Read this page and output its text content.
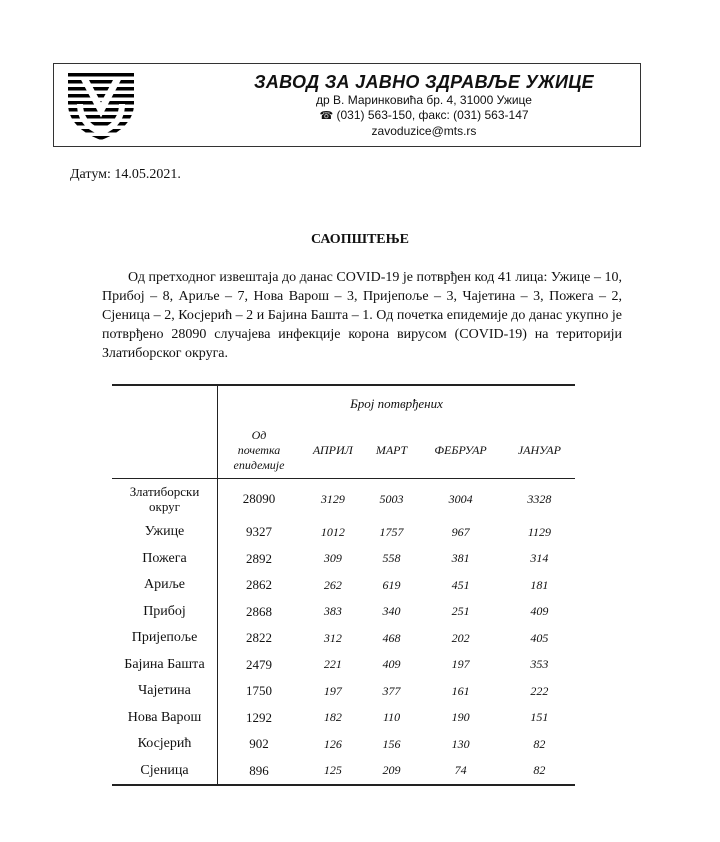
ЗАВОД ЗА ЈАВНО ЗДРАВЉЕ УЖИЦЕ
др В. Маринковића бр. 4, 31000 Ужице
☎ (031) 563-150, факс: (031) 563-147
zavoduzice@mts.rs
Датум: 14.05.2021.
САОПШТЕЊЕ
Од претходног извештаја до данас COVID-19 је потврђен код 41 лица: Ужице – 10, Прибој – 8, Ариље – 7, Нова Варош – 3, Пријепоље – 3, Чајетина – 3, Пожега – 2, Сјеница – 2, Косјерић – 2 и Бајина Башта – 1. Од почетка епидемије до данас укупно је потврђено 28090 случајева инфекције корона вирусом (COVID-19) на територији Златиборског округа.
	Број потврђених				

	Од
почетка
епидемије	АПРИЛ	МАРТ	ФЕБРУАР	ЈАНУАР

Златиборски
округ	28090	3129	5003	3004	3328
Ужице	9327	1012	1757	967	1129
Пожега	2892	309	558	381	314
Ариље	2862	262	619	451	181
Прибој	2868	383	340	251	409
Пријепоље	2822	312	468	202	405
Бајина Башта	2479	221	409	197	353
Чајетина	1750	197	377	161	222
Нова Варош	1292	182	110	190	151
Косјерић	902	126	156	130	82
Сјеница	896	125	209	74	82
